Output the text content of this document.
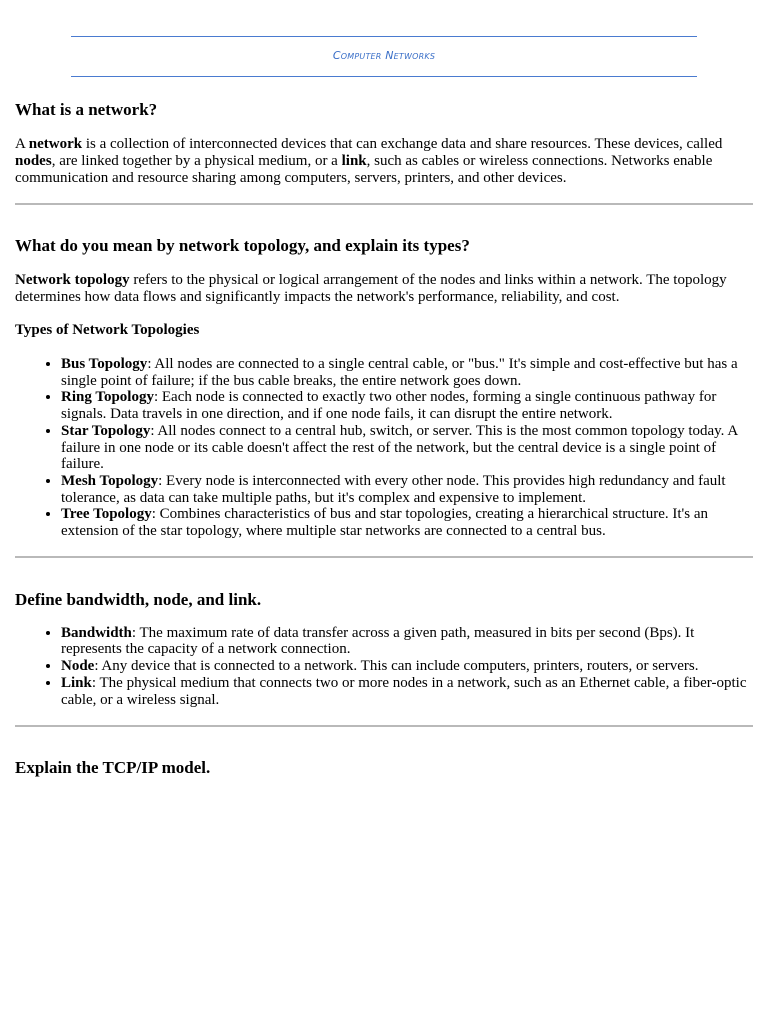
Computer Networks
What is a network?

A network is a collection of interconnected devices that can exchange data and share resources. These devices, called nodes, are linked together by a physical medium, or a link, such as cables or wireless connections. Networks enable communication and resource sharing among computers, servers, printers, and other devices.

What do you mean by network topology, and explain its types?

Network topology refers to the physical or logical arrangement of the nodes and links within a network. The topology determines how data flows and significantly impacts the network's performance, reliability, and cost.

Types of Network Topologies
• Bus Topology: All nodes are connected to a single central cable, or "bus." It's simple and cost-effective but has a single point of failure; if the bus cable breaks, the entire network goes down.
• Ring Topology: Each node is connected to exactly two other nodes, forming a single continuous pathway for signals. Data travels in one direction, and if one node fails, it can disrupt the entire network.
• Star Topology: All nodes connect to a central hub, switch, or server. This is the most common topology today. A failure in one node or its cable doesn't affect the rest of the network, but the central device is a single point of failure.
• Mesh Topology: Every node is interconnected with every other node. This provides high redundancy and fault tolerance, as data can take multiple paths, but it's complex and expensive to implement.
• Tree Topology: Combines characteristics of bus and star topologies, creating a hierarchical structure. It's an extension of the star topology, where multiple star networks are connected to a central bus.
Define bandwidth, node, and link.
• Bandwidth: The maximum rate of data transfer across a given path, measured in bits per second (Bps). It represents the capacity of a network connection.
• Node: Any device that is connected to a network. This can include computers, printers, routers, or servers.
• Link: The physical medium that connects two or more nodes in a network, such as an Ethernet cable, a fiber-optic cable, or a wireless signal.
Explain the TCP/IP model.
